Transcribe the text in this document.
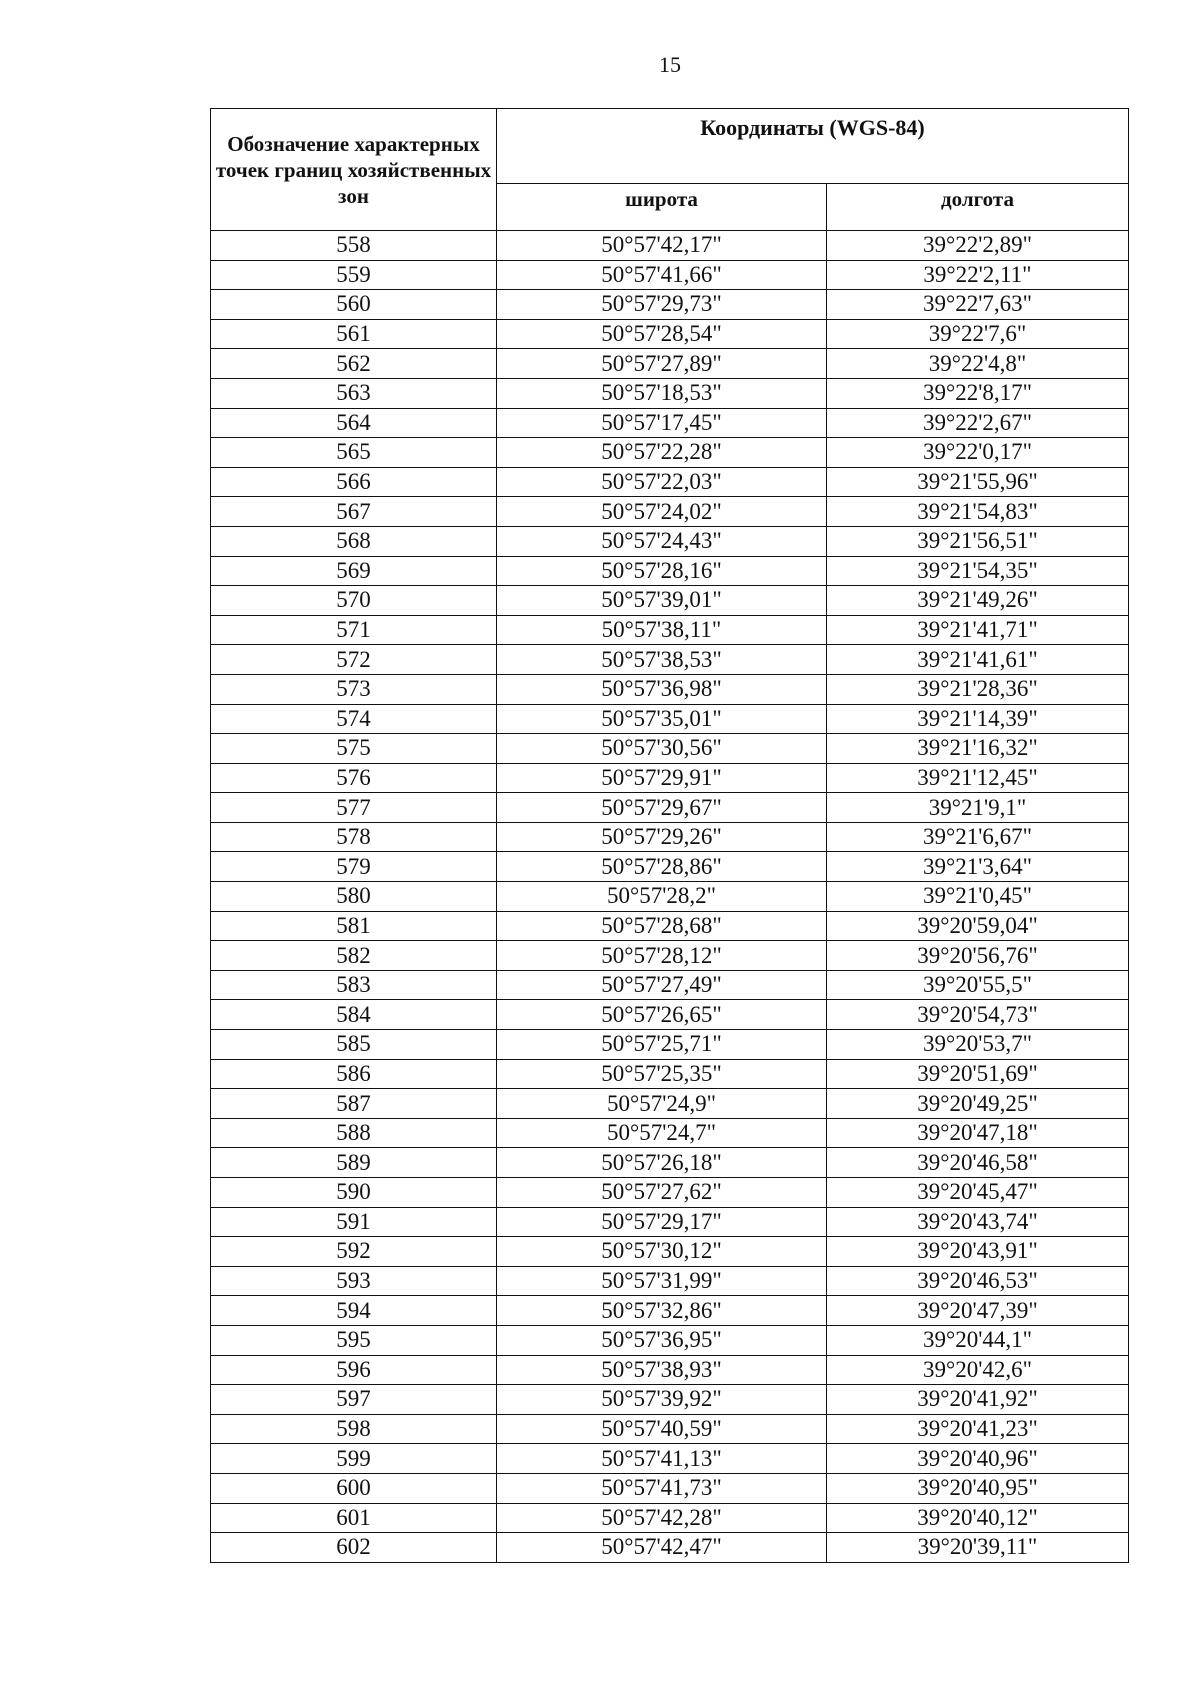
15
Обозначение характерных точек границ хозяйственных зон	Координаты (WGS-84)	
	широта	долгота
558	50°57'42,17"	39°22'2,89"
559	50°57'41,66"	39°22'2,11"
560	50°57'29,73"	39°22'7,63"
561	50°57'28,54"	39°22'7,6"
562	50°57'27,89"	39°22'4,8"
563	50°57'18,53"	39°22'8,17"
564	50°57'17,45"	39°22'2,67"
565	50°57'22,28"	39°22'0,17"
566	50°57'22,03"	39°21'55,96"
567	50°57'24,02"	39°21'54,83"
568	50°57'24,43"	39°21'56,51"
569	50°57'28,16"	39°21'54,35"
570	50°57'39,01"	39°21'49,26"
571	50°57'38,11"	39°21'41,71"
572	50°57'38,53"	39°21'41,61"
573	50°57'36,98"	39°21'28,36"
574	50°57'35,01"	39°21'14,39"
575	50°57'30,56"	39°21'16,32"
576	50°57'29,91"	39°21'12,45"
577	50°57'29,67"	39°21'9,1"
578	50°57'29,26"	39°21'6,67"
579	50°57'28,86"	39°21'3,64"
580	50°57'28,2"	39°21'0,45"
581	50°57'28,68"	39°20'59,04"
582	50°57'28,12"	39°20'56,76"
583	50°57'27,49"	39°20'55,5"
584	50°57'26,65"	39°20'54,73"
585	50°57'25,71"	39°20'53,7"
586	50°57'25,35"	39°20'51,69"
587	50°57'24,9"	39°20'49,25"
588	50°57'24,7"	39°20'47,18"
589	50°57'26,18"	39°20'46,58"
590	50°57'27,62"	39°20'45,47"
591	50°57'29,17"	39°20'43,74"
592	50°57'30,12"	39°20'43,91"
593	50°57'31,99"	39°20'46,53"
594	50°57'32,86"	39°20'47,39"
595	50°57'36,95"	39°20'44,1"
596	50°57'38,93"	39°20'42,6"
597	50°57'39,92"	39°20'41,92"
598	50°57'40,59"	39°20'41,23"
599	50°57'41,13"	39°20'40,96"
600	50°57'41,73"	39°20'40,95"
601	50°57'42,28"	39°20'40,12"
602	50°57'42,47"	39°20'39,11"
